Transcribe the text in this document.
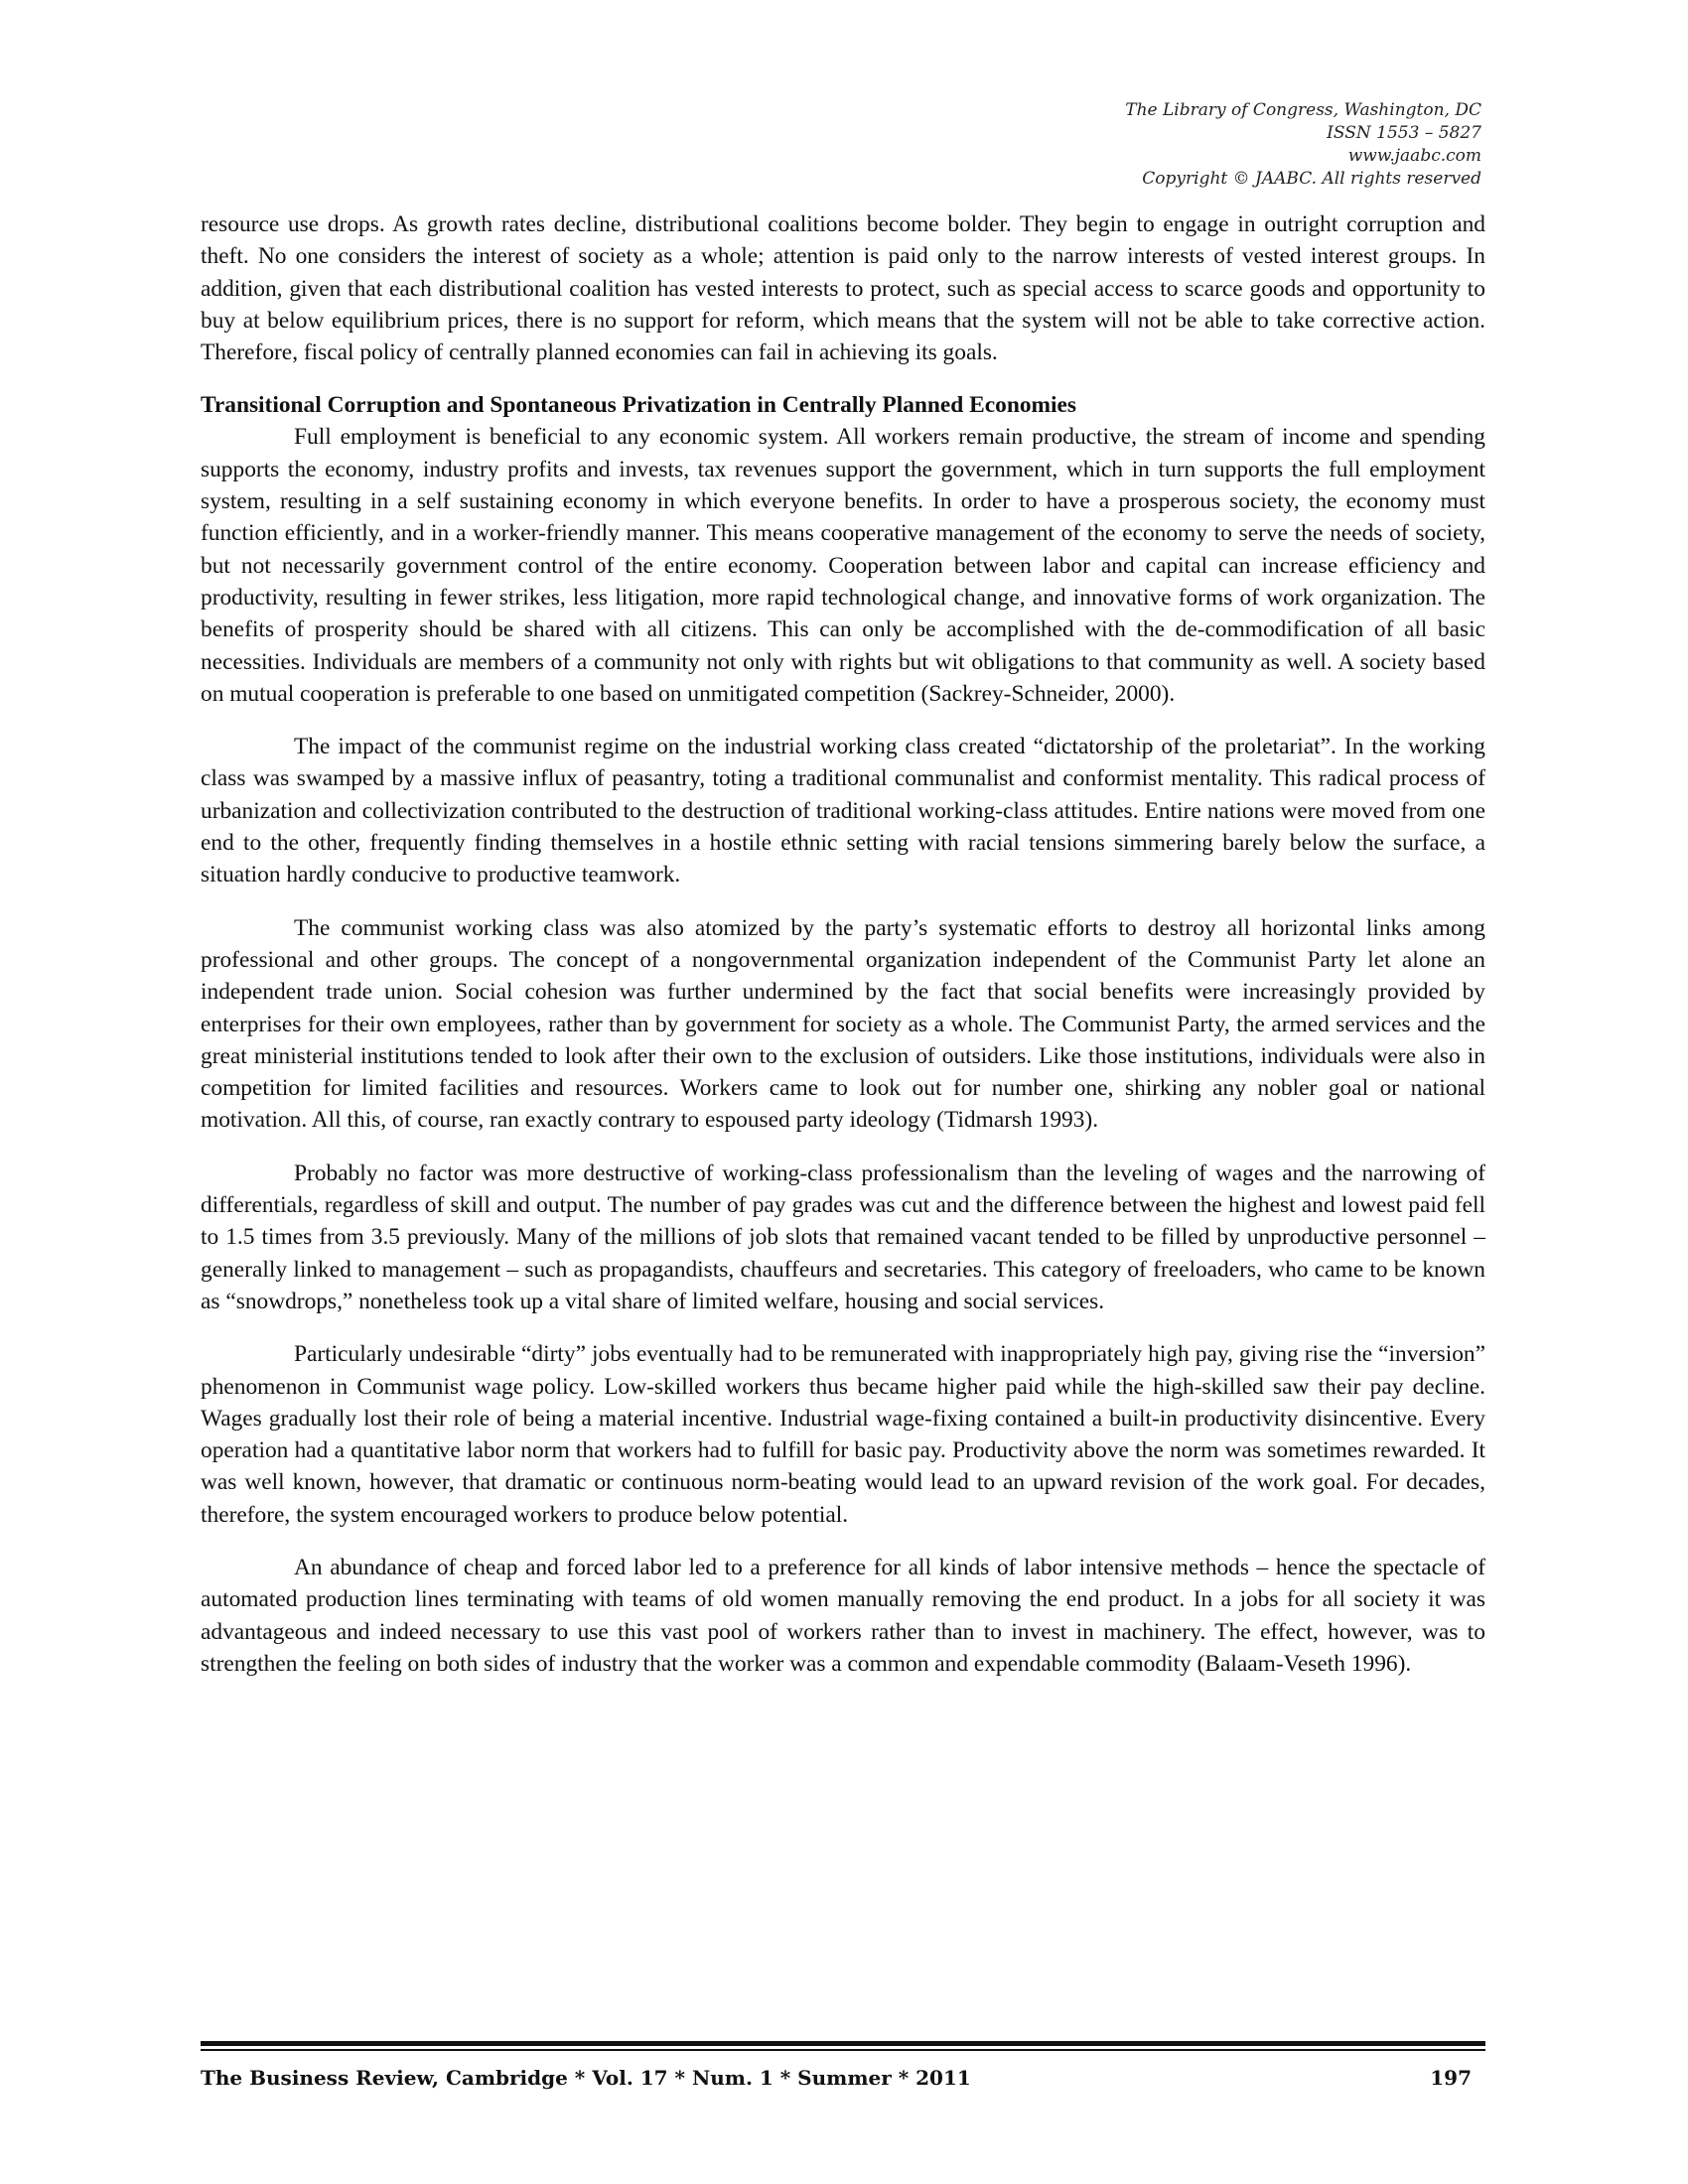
The Library of Congress, Washington, DC
ISSN 1553 – 5827
www.jaabc.com
Copyright © JAABC. All rights reserved

resource use drops. As growth rates decline, distributional coalitions become bolder. They begin to engage in outright corruption and theft. No one considers the interest of society as a whole; attention is paid only to the narrow interests of vested interest groups. In addition, given that each distributional coalition has vested interests to protect, such as special access to scarce goods and opportunity to buy at below equilibrium prices, there is no support for reform, which means that the system will not be able to take corrective action. Therefore, fiscal policy of centrally planned economies can fail in achieving its goals.

Transitional Corruption and Spontaneous Privatization in Centrally Planned Economies

Full employment is beneficial to any economic system. All workers remain productive, the stream of income and spending supports the economy, industry profits and invests, tax revenues support the government, which in turn supports the full employment system, resulting in a self sustaining economy in which everyone benefits. In order to have a prosperous society, the economy must function efficiently, and in a worker-friendly manner. This means cooperative management of the economy to serve the needs of society, but not necessarily government control of the entire economy. Cooperation between labor and capital can increase efficiency and productivity, resulting in fewer strikes, less litigation, more rapid technological change, and innovative forms of work organization. The benefits of prosperity should be shared with all citizens. This can only be accomplished with the de-commodification of all basic necessities. Individuals are members of a community not only with rights but wit obligations to that community as well. A society based on mutual cooperation is preferable to one based on unmitigated competition (Sackrey-Schneider, 2000).

The impact of the communist regime on the industrial working class created “dictatorship of the proletariat”. In the working class was swamped by a massive influx of peasantry, toting a traditional communalist and conformist mentality. This radical process of urbanization and collectivization contributed to the destruction of traditional working-class attitudes. Entire nations were moved from one end to the other, frequently finding themselves in a hostile ethnic setting with racial tensions simmering barely below the surface, a situation hardly conducive to productive teamwork.

The communist working class was also atomized by the party’s systematic efforts to destroy all horizontal links among professional and other groups. The concept of a nongovernmental organization independent of the Communist Party let alone an independent trade union. Social cohesion was further undermined by the fact that social benefits were increasingly provided by enterprises for their own employees, rather than by government for society as a whole. The Communist Party, the armed services and the great ministerial institutions tended to look after their own to the exclusion of outsiders. Like those institutions, individuals were also in competition for limited facilities and resources. Workers came to look out for number one, shirking any nobler goal or national motivation. All this, of course, ran exactly contrary to espoused party ideology (Tidmarsh 1993).

Probably no factor was more destructive of working-class professionalism than the leveling of wages and the narrowing of differentials, regardless of skill and output. The number of pay grades was cut and the difference between the highest and lowest paid fell to 1.5 times from 3.5 previously. Many of the millions of job slots that remained vacant tended to be filled by unproductive personnel – generally linked to management – such as propagandists, chauffeurs and secretaries. This category of freeloaders, who came to be known as “snowdrops,” nonetheless took up a vital share of limited welfare, housing and social services.

Particularly undesirable “dirty” jobs eventually had to be remunerated with inappropriately high pay, giving rise the “inversion” phenomenon in Communist wage policy. Low-skilled workers thus became higher paid while the high-skilled saw their pay decline. Wages gradually lost their role of being a material incentive. Industrial wage-fixing contained a built-in productivity disincentive. Every operation had a quantitative labor norm that workers had to fulfill for basic pay. Productivity above the norm was sometimes rewarded. It was well known, however, that dramatic or continuous norm-beating would lead to an upward revision of the work goal. For decades, therefore, the system encouraged workers to produce below potential.

An abundance of cheap and forced labor led to a preference for all kinds of labor intensive methods – hence the spectacle of automated production lines terminating with teams of old women manually removing the end product. In a jobs for all society it was advantageous and indeed necessary to use this vast pool of workers rather than to invest in machinery. The effect, however, was to strengthen the feeling on both sides of industry that the worker was a common and expendable commodity (Balaam-Veseth 1996).

The Business Review, Cambridge * Vol. 17 * Num. 1 * Summer * 2011	197
